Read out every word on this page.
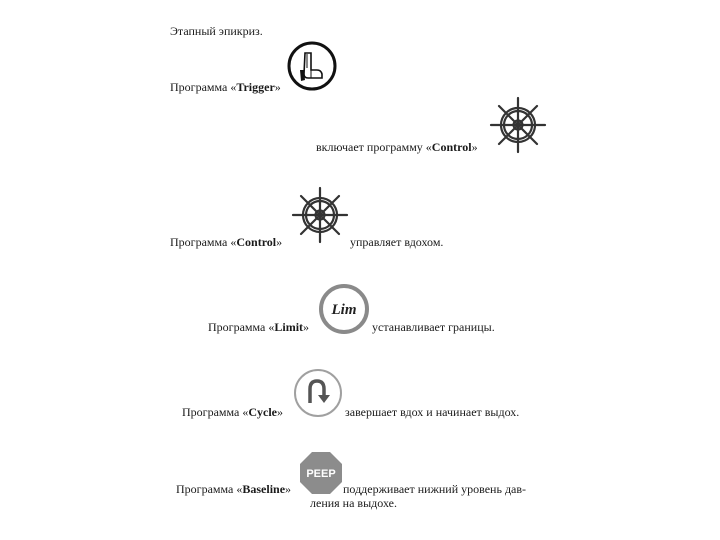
Этапный эпикриз.
Программа «Trigger»
включает программу «Control»
Программа «Control»	управляет вдохом.
Программа «Limit»
Lim
устанавливает границы.
Программа «Cycle»	завершает вдох и начинает выдох.
Программа «Baseline»
PEEP
поддерживает нижний уровень дав-
ления на выдохе.
